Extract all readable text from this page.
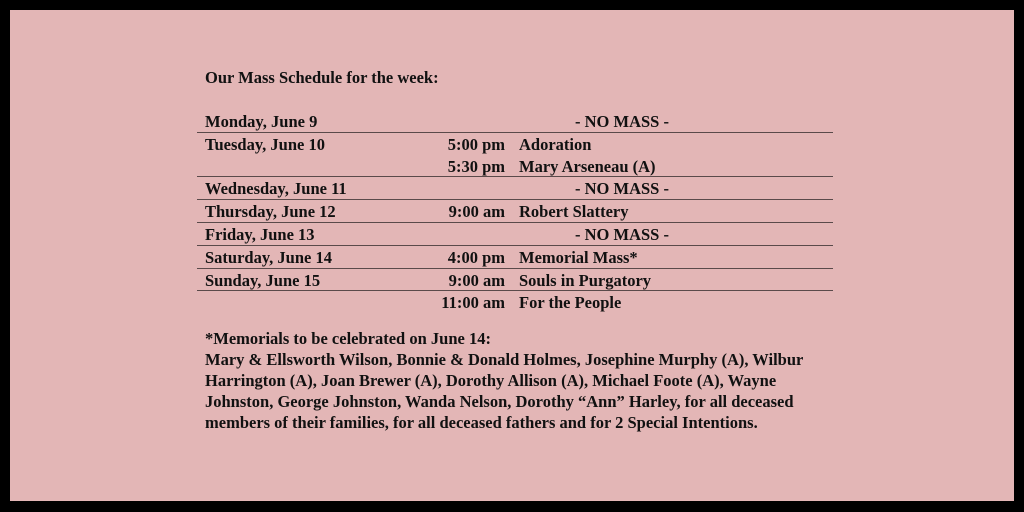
Our Mass Schedule for the week:
Monday, June 9	- NO MASS -
Tuesday, June 10	5:00 pm Adoration
5:30 pm Mary Arseneau (A)
Wednesday, June 11	- NO MASS -
Thursday, June 12	9:00 am Robert Slattery
Friday, June 13	- NO MASS -
Saturday, June 14	4:00 pm Memorial Mass*
Sunday, June 15	9:00 am Souls in Purgatory
11:00 am For the People
*Memorials to be celebrated on June 14:

Mary & Ellsworth Wilson, Bonnie & Donald Holmes, Josephine Murphy (A), Wilbur Harrington (A), Joan Brewer (A), Dorothy Allison (A), Michael Foote (A), Wayne Johnston, George Johnston, Wanda Nelson, Dorothy “Ann” Harley, for all deceased members of their families, for all deceased fathers and for 2 Special Intentions.
